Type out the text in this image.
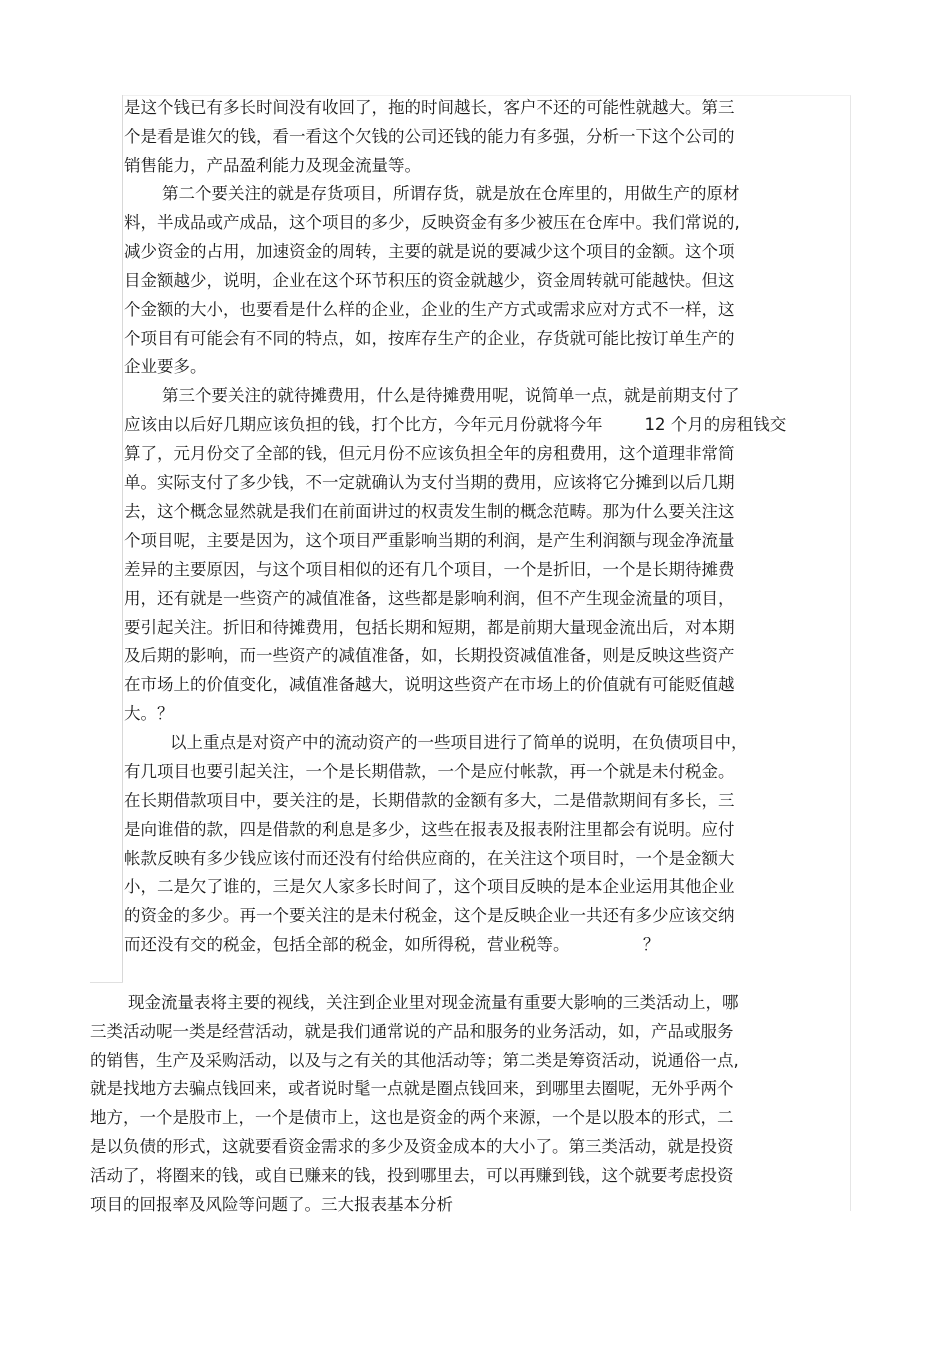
是这个钱已有多长时间没有收回了，拖的时间越长，客户不还的可能性就越大。第三
个是看是谁欠的钱，看一看这个欠钱的公司还钱的能力有多强，分析一下这个公司的
销售能力，产品盈利能力及现金流量等。
第二个要关注的就是存货项目，所谓存货，就是放在仓库里的，用做生产的原材
料，半成品或产成品，这个项目的多少，反映资金有多少被压在仓库中。我们常说的,
减少资金的占用，加速资金的周转，主要的就是说的要减少这个项目的金额。这个项
目金额越少，说明，企业在这个环节积压的资金就越少，资金周转就可能越快。但这
个金额的大小，也要看是什么样的企业，企业的生产方式或需求应对方式不一样，这
个项目有可能会有不同的特点，如，按库存生产的企业，存货就可能比按订单生产的
企业要多。
第三个要关注的就待摊费用，什么是待摊费用呢，说简单一点，就是前期支付了
应该由以后好几期应该负担的钱，打个比方，今年元月份就将今年        12 个月的房租钱交
算了，元月份交了全部的钱，但元月份不应该负担全年的房租费用，这个道理非常简
单。实际支付了多少钱，不一定就确认为支付当期的费用，应该将它分摊到以后几期
去，这个概念显然就是我们在前面讲过的权责发生制的概念范畴。那为什么要关注这
个项目呢，主要是因为，这个项目严重影响当期的利润，是产生利润额与现金净流量
差异的主要原因，与这个项目相似的还有几个项目，一个是折旧，一个是长期待摊费
用，还有就是一些资产的减值准备，这些都是影响利润，但不产生现金流量的项目，
要引起关注。折旧和待摊费用，包括长期和短期，都是前期大量现金流出后，对本期
及后期的影响，而一些资产的减值准备，如，长期投资减值准备，则是反映这些资产
在市场上的价值变化，减值准备越大，说明这些资产在市场上的价值就有可能贬值越
大。？
以上重点是对资产中的流动资产的一些项目进行了简单的说明，在负债项目中，
有几项目也要引起关注，一个是长期借款，一个是应付帐款，再一个就是未付税金。
在长期借款项目中，要关注的是，长期借款的金额有多大，二是借款期间有多长，三
是向谁借的款，四是借款的利息是多少，这些在报表及报表附注里都会有说明。应付
帐款反映有多少钱应该付而还没有付给供应商的，在关注这个项目时，一个是金额大
小，二是欠了谁的，三是欠人家多长时间了，这个项目反映的是本企业运用其他企业
的资金的多少。再一个要关注的是未付税金，这个是反映企业一共还有多少应该交纳
而还没有交的税金，包括全部的税金，如所得税，营业税等。              ？
现金流量表将主要的视线，关注到企业里对现金流量有重要大影响的三类活动上，哪
三类活动呢一类是经营活动，就是我们通常说的产品和服务的业务活动，如，产品或服务
的销售，生产及采购活动，以及与之有关的其他活动等；第二类是筹资活动，说通俗一点,
就是找地方去骗点钱回来，或者说时髦一点就是圈点钱回来，到哪里去圈呢，无外乎两个
地方，一个是股市上，一个是债市上，这也是资金的两个来源，一个是以股本的形式，二
是以负债的形式，这就要看资金需求的多少及资金成本的大小了。第三类活动，就是投资
活动了，将圈来的钱，或自已赚来的钱，投到哪里去，可以再赚到钱，这个就要考虑投资
项目的回报率及风险等问题了。三大报表基本分析
